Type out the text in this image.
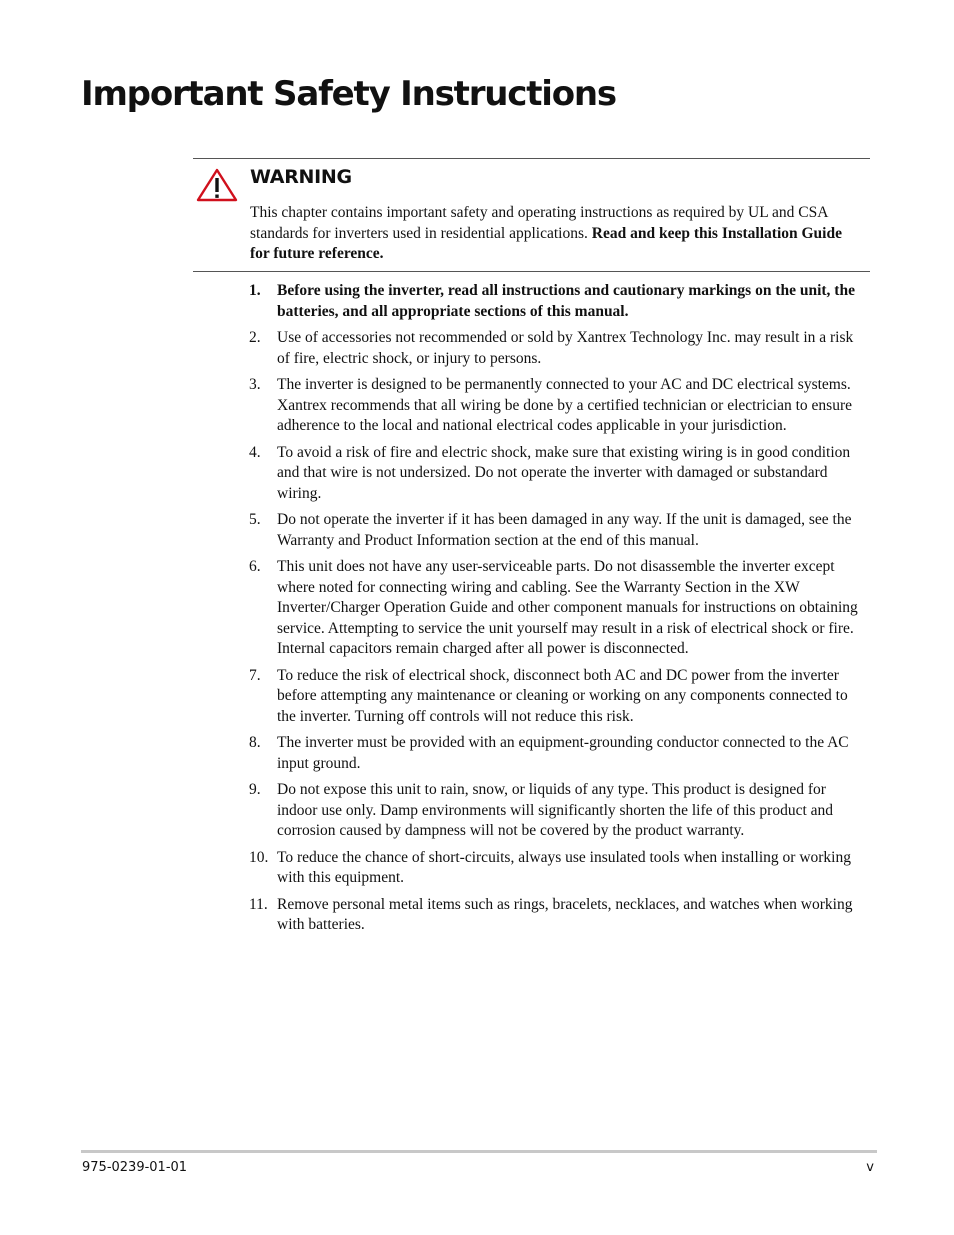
Important Safety Instructions
WARNING
This chapter contains important safety and operating instructions as required by UL and CSA standards for inverters used in residential applications. Read and keep this Installation Guide for future reference.
1. Before using the inverter, read all instructions and cautionary markings on the unit, the batteries, and all appropriate sections of this manual.
2. Use of accessories not recommended or sold by Xantrex Technology Inc. may result in a risk of fire, electric shock, or injury to persons.
3. The inverter is designed to be permanently connected to your AC and DC electrical systems. Xantrex recommends that all wiring be done by a certified technician or electrician to ensure adherence to the local and national electrical codes applicable in your jurisdiction.
4. To avoid a risk of fire and electric shock, make sure that existing wiring is in good condition and that wire is not undersized. Do not operate the inverter with damaged or substandard wiring.
5. Do not operate the inverter if it has been damaged in any way. If the unit is damaged, see the Warranty and Product Information section at the end of this manual.
6. This unit does not have any user-serviceable parts. Do not disassemble the inverter except where noted for connecting wiring and cabling. See the Warranty Section in the XW Inverter/Charger Operation Guide and other component manuals for instructions on obtaining service. Attempting to service the unit yourself may result in a risk of electrical shock or fire. Internal capacitors remain charged after all power is disconnected.
7. To reduce the risk of electrical shock, disconnect both AC and DC power from the inverter before attempting any maintenance or cleaning or working on any components connected to the inverter. Turning off controls will not reduce this risk.
8. The inverter must be provided with an equipment-grounding conductor connected to the AC input ground.
9. Do not expose this unit to rain, snow, or liquids of any type. This product is designed for indoor use only. Damp environments will significantly shorten the life of this product and corrosion caused by dampness will not be covered by the product warranty.
10. To reduce the chance of short-circuits, always use insulated tools when installing or working with this equipment.
11. Remove personal metal items such as rings, bracelets, necklaces, and watches when working with batteries.
975-0239-01-01	v
